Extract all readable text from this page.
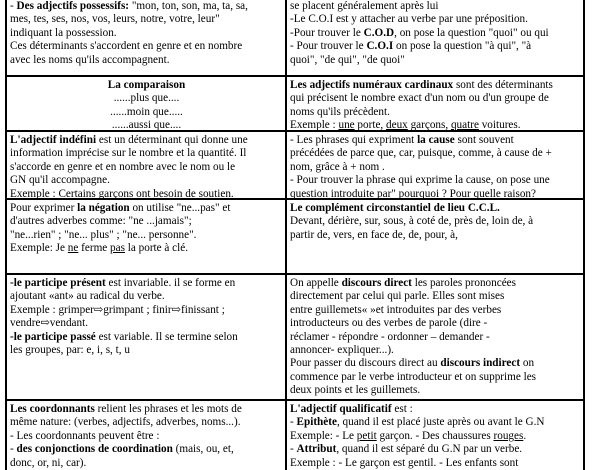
- Des adjectifs possessifs: "mon, ton, son, ma, ta, sa,
mes, tes, ses, nos, vos, leurs, notre, votre, leur"
indiquant la possession.
Ces déterminants s'accordent en genre et en nombre
avec les noms qu'ils accompagnent.
se placent généralement après lui
-Le C.O.I est y attacher au verbe par une préposition.
-Pour trouver le C.O.D, on pose la question "quoi" ou qui
- Pour trouver le C.O.I on pose la question "à qui", "à
quoi", "de qui", "de quoi"
La comparaison
......plus que....
......moin que.....
......aussi que....
Les adjectifs numéraux cardinaux sont des déterminants
qui précisent le nombre exact d'un nom ou d'un groupe de
noms qu'ils précèdent.
Exemple : une porte, deux garçons, quatre voitures.
L'adjectif indéfini est un déterminant qui donne une
information imprécise sur le nombre et la quantité. Il
s'accorde en genre et en nombre avec le nom ou le
GN qu'il accompagne.
Exemple : Certains garçons ont besoin de soutien.
- Les phrases qui expriment la cause sont souvent
précédées de parce que, car, puisque, comme, à cause de +
nom, grâce à + nom .
- Pour trouver la phrase qui exprime la cause, on pose une
question introduite par" pourquoi ? Pour quelle raison?
Pour exprimer la négation on utilise "ne...pas" et
d'autres adverbes comme: "ne ...jamais";
"ne...rien" ; "ne... plus" ; "ne... personne".
Exemple: Je ne ferme pas la porte à clé.
Le complément circonstantiel de lieu C.C.L.
Devant, dérière, sur, sous, à coté de, près de, loin de, à
partir de, vers, en face de, de, pour, à,
-le participe présent est invariable. il se forme en
ajoutant «ant» au radical du verbe.
Exemple : grimper⇨grimpant ; finir⇨finissant ;
vendre⇨vendant.
-le participe passé est variable. Il se termine selon
les groupes, par: e, i, s, t, u
On appelle discours direct les paroles prononcées
directement par celui qui parle. Elles sont mises
entre guillemets« »et introduites par des verbes
introducteurs ou des verbes de parole (dire -
réclamer - répondre - ordonner – demander -
annoncer- expliquer...).
Pour passer du discours direct au discours indirect on
commence par le verbe introducteur et on supprime les
deux points et les guillemets.
Les coordonnants relient les phrases et les mots de
même nature: (verbes, adjectifs, adverbes, noms...).
- Les coordonnants peuvent être :
- des conjonctions de coordination (mais, ou, et,
donc, or, ni, car).
L'adjectif qualificatif est :
- Epithète, quand il est placé juste après ou avant le G.N
Exemple: - Le petit garçon. - Des chaussures rouges.
- Attribut, quand il est séparé du G.N par un verbe.
Exemple : - Le garçon est gentil. - Les enfants sont
